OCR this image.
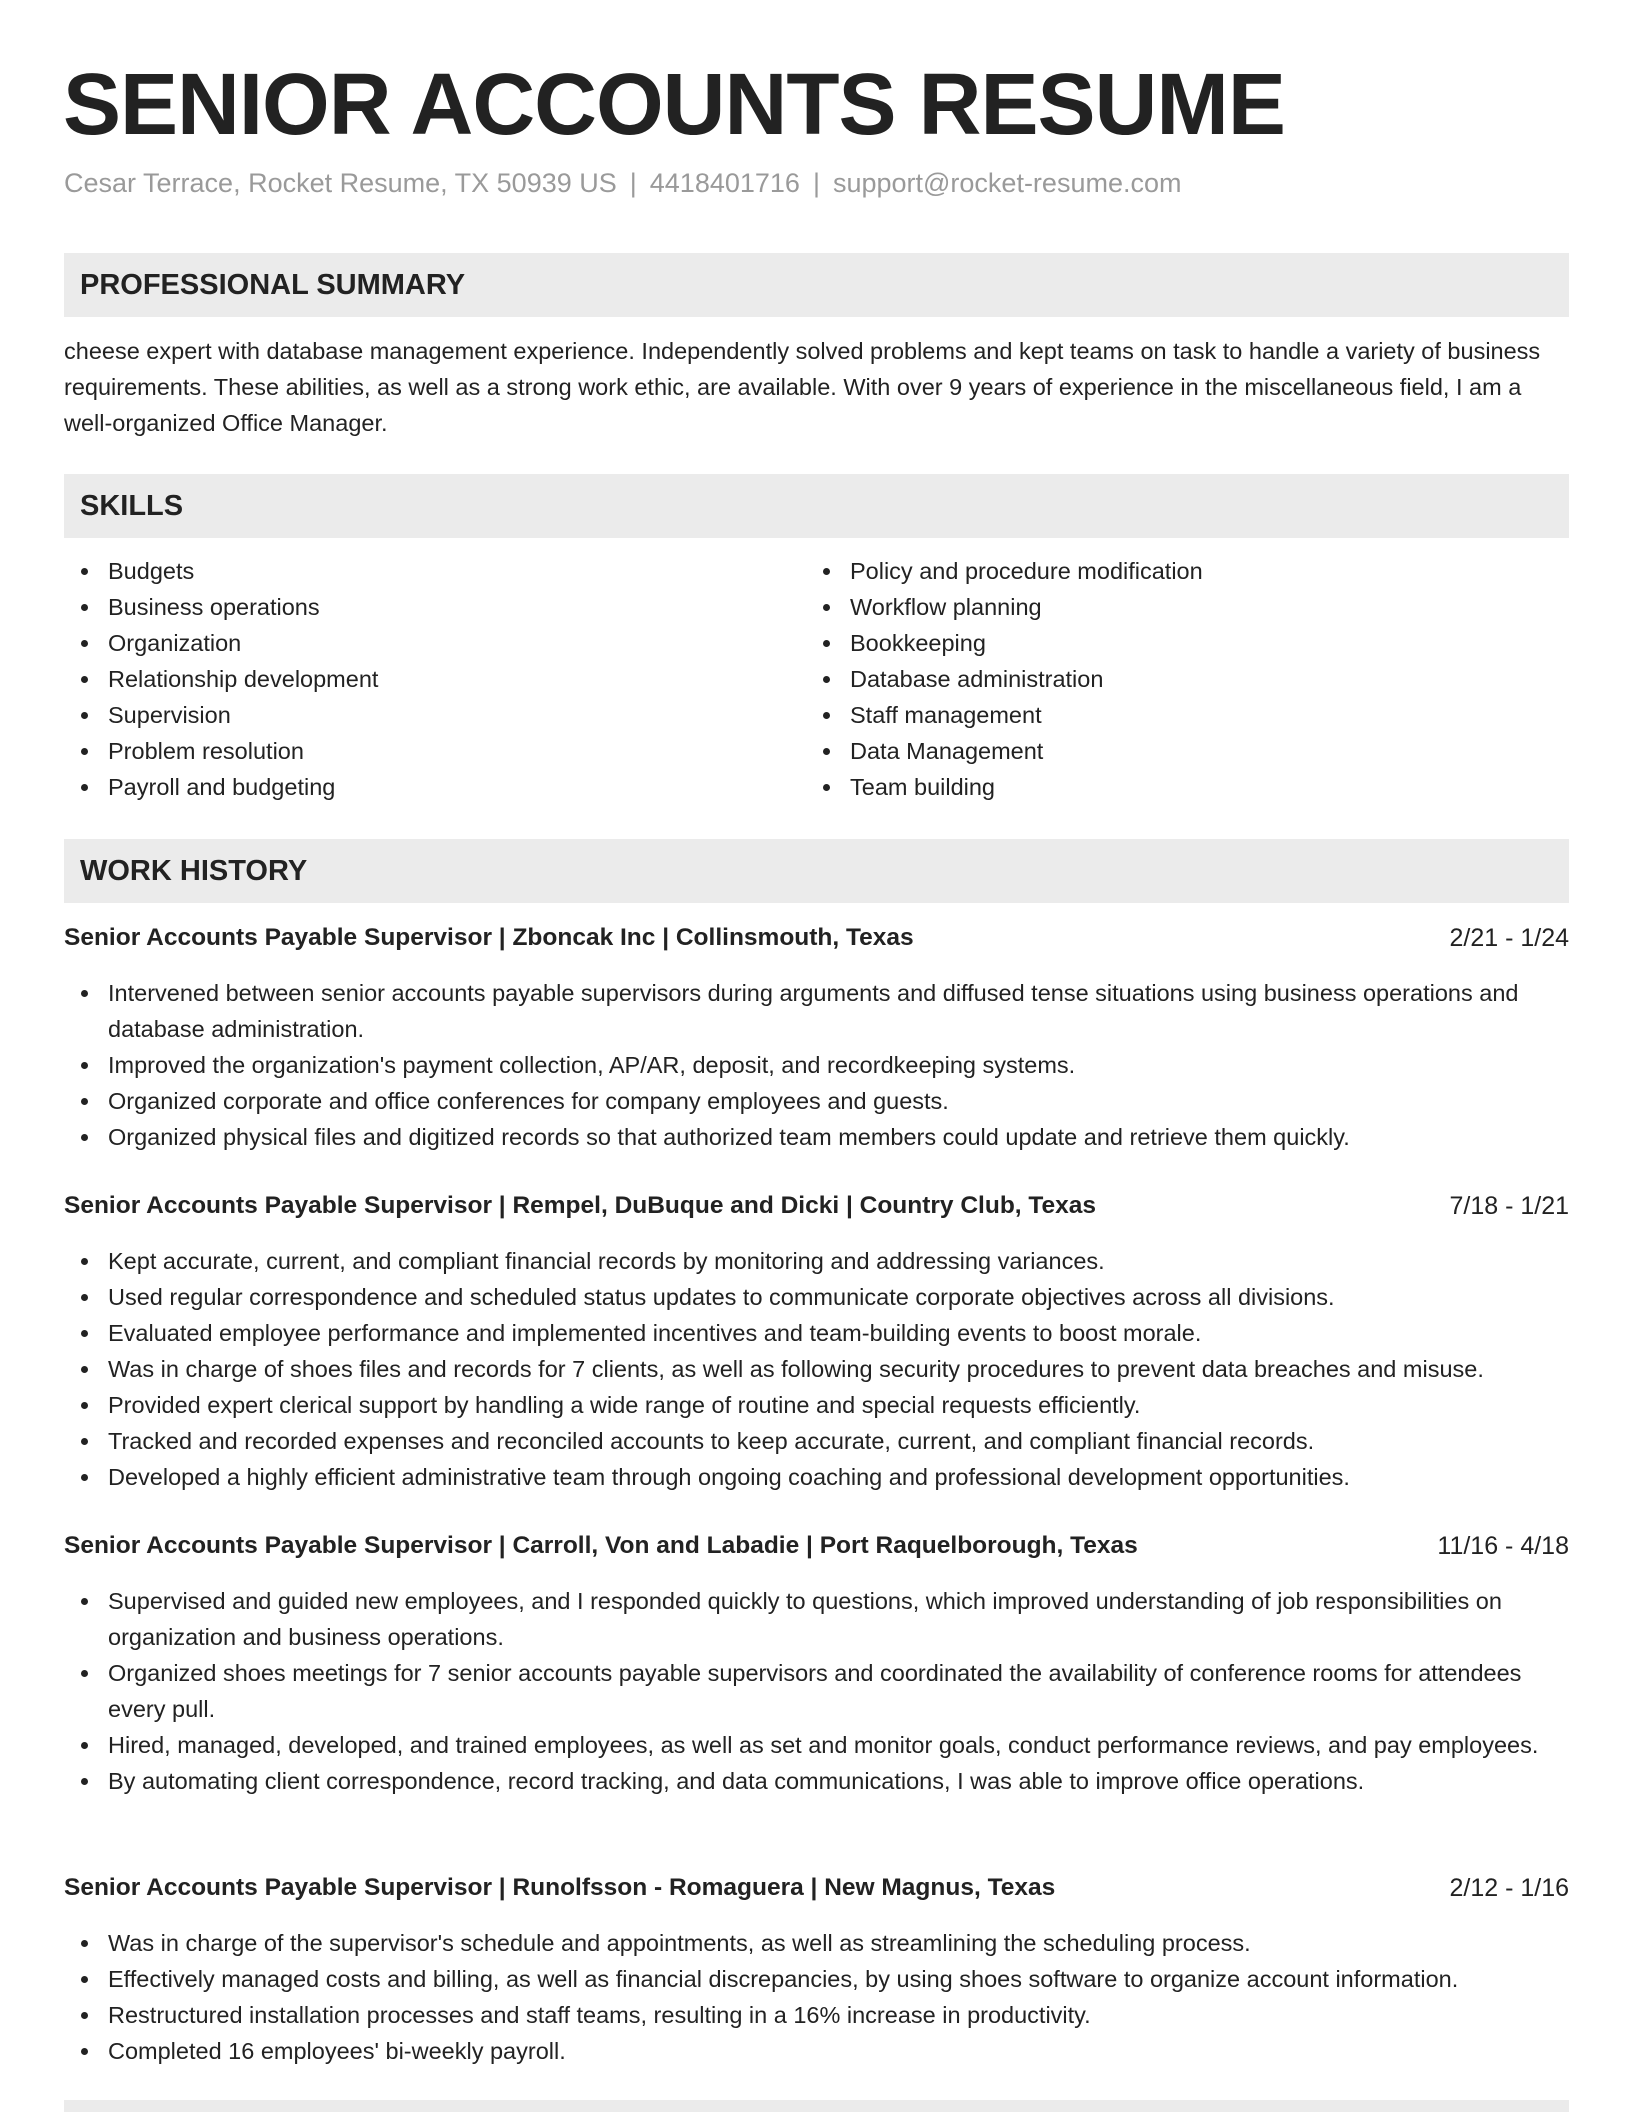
SENIOR ACCOUNTS RESUME
Cesar Terrace, Rocket Resume, TX 50939 US | 4418401716 | support@rocket-resume.com
PROFESSIONAL SUMMARY

cheese expert with database management experience. Independently solved problems and kept teams on task to handle a variety of business requirements. These abilities, as well as a strong work ethic, are available. With over 9 years of experience in the miscellaneous field, I am a well-organized Office Manager.

SKILLS
Budgets
Business operations
Organization
Relationship development
Supervision
Problem resolution
Payroll and budgeting
Policy and procedure modification
Workflow planning
Bookkeeping
Database administration
Staff management
Data Management
Team building
WORK HISTORY
Senior Accounts Payable Supervisor | Zboncak Inc | Collinsmouth, Texas	2/21 - 1/24
Intervened between senior accounts payable supervisors during arguments and diffused tense situations using business operations and database administration.
Improved the organization's payment collection, AP/AR, deposit, and recordkeeping systems.
Organized corporate and office conferences for company employees and guests.
Organized physical files and digitized records so that authorized team members could update and retrieve them quickly.
Senior Accounts Payable Supervisor | Rempel, DuBuque and Dicki | Country Club, Texas	7/18 - 1/21
Kept accurate, current, and compliant financial records by monitoring and addressing variances.
Used regular correspondence and scheduled status updates to communicate corporate objectives across all divisions.
Evaluated employee performance and implemented incentives and team-building events to boost morale.
Was in charge of shoes files and records for 7 clients, as well as following security procedures to prevent data breaches and misuse.
Provided expert clerical support by handling a wide range of routine and special requests efficiently.
Tracked and recorded expenses and reconciled accounts to keep accurate, current, and compliant financial records.
Developed a highly efficient administrative team through ongoing coaching and professional development opportunities.
Senior Accounts Payable Supervisor | Carroll, Von and Labadie | Port Raquelborough, Texas	11/16 - 4/18
Supervised and guided new employees, and I responded quickly to questions, which improved understanding of job responsibilities on organization and business operations.
Organized shoes meetings for 7 senior accounts payable supervisors and coordinated the availability of conference rooms for attendees every pull.
Hired, managed, developed, and trained employees, as well as set and monitor goals, conduct performance reviews, and pay employees.
By automating client correspondence, record tracking, and data communications, I was able to improve office operations.
Senior Accounts Payable Supervisor | Runolfsson - Romaguera | New Magnus, Texas	2/12 - 1/16
Was in charge of the supervisor's schedule and appointments, as well as streamlining the scheduling process.
Effectively managed costs and billing, as well as financial discrepancies, by using shoes software to organize account information.
Restructured installation processes and staff teams, resulting in a 16% increase in productivity.
Completed 16 employees' bi-weekly payroll.
